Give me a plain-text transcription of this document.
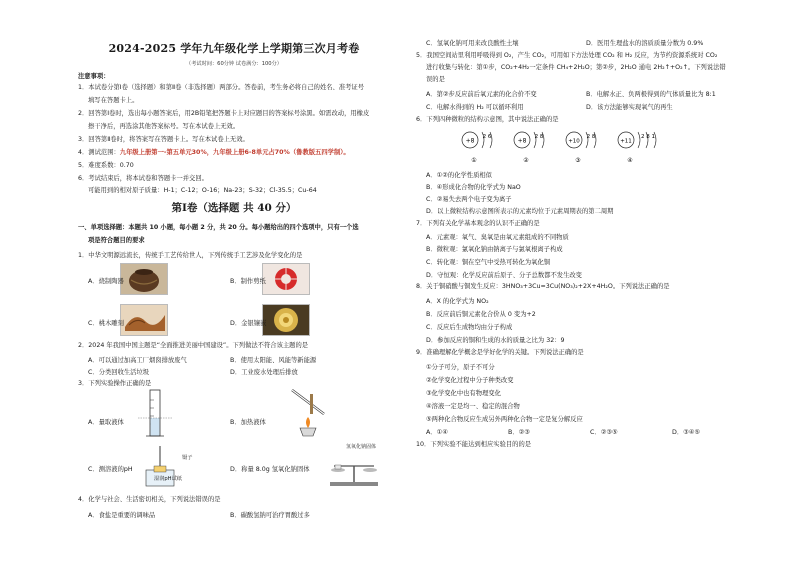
2024-2025 学年九年级化学上学期第三次月考卷
（考试时间：60分钟 试卷满分：100分）
注意事项：
1．本试卷分第Ⅰ卷（选择题）和第Ⅱ卷（非选择题）两部分。答卷前，考生务必将自己的姓名、准考证号
填写在答题卡上。
2．回答第Ⅰ卷时，选出每小题答案后，用2B铅笔把答题卡上对应题目的答案标号涂黑。如需改动，用橡皮
擦干净后，再选涂其他答案标号。写在本试卷上无效。
3．回答第Ⅱ卷时，将答案写在答题卡上。写在本试卷上无效。
4．测试范围：九年级上册第一-第五单元30%，九年级上册6-8单元占70%（鲁教版五四学制）。
5．难度系数：0.70
6．考试结束后，将本试卷和答题卡一并交回。
可能用到的相对原子质量：H-1；C-12；O-16；Na-23；S-32；Cl-35.5；Cu-64
第Ⅰ卷（选择题 共 40 分）
一、单项选择题：本题共 10 小题，每小题 2 分，共 20 分。每小题给出的四个选项中，只有一个选
项是符合题目的要求
1．中华文明源远流长，传统手工艺传给世人，下列传统手工艺涉及化学变化的是
A．烧制陶器	B．制作剪纸
C．桃木雕刻	D．金银镶嵌
2．2024 年我国中国主题是“全面推进美丽中国建设”。下列做法不符合该主题的是
A．可以通过加高工厂烟囱排放废气	B．使用太阳能、风能等新能源
C．分类回收生活垃圾	D．工业废水处理后排放
3．下列实验操作正确的是
A．量取液体	B．加热液体
C．测溶液的pH
镊子
湿润pH试纸
D．称量 8.0g 氢氧化钠固体
氢氧化钠固体
4．化学与社会、生活密切相关，下列说法错误的是
A．食盐是重要的调味品	B．碳酸氢钠可治疗胃酸过多
C．氢氧化钠可用来改良酸性土壤	D．医用生理盐水的溶质质量分数为 0.9%
5．我国空间站里利用呼吸得到 O₂，产生 CO₂，可用如下方法处理 CO₂ 和 H₂ 反应，为节约资源系统对 CO₂
进行收集与转化：第①步，CO₂+4H₂一定条件 CH₄+2H₂O；第②步，2H₂O 通电 2H₂↑+O₂↑。下列说法错
误的是
A．第②步反应前后氧元素的化合价不变	B．电解水正、负两极得到的气体质量比为 8:1
C．电解水得到的 H₂ 可以循环利用	D．该方法能够实现氧气的再生
6．下列四种微粒的结构示意图，其中说法正确的是
+8
2 6
①
+8
2 8
②
+10
2 8
③
+11
2 8 1
④
A．①②的化学性质相似
B．④形成化合物的化学式为 NaO
C．②易失去两个电子变为离子
D．以上微粒结构示意图所表示的元素均位于元素周期表的第二周期
7．下列有关化学基本观念的认识不正确的是
A．元素观：氧气、臭氧是由氧元素组成的不同物质
B．微粒观：氯氧化钠由钠离子与氯氧根离子构成
C．转化观：铜在空气中受热可转化为氧化铜
D．守恒观：化学反应前后原子、分子总数都不发生改变
8．关于铜硝酸与铜发生反应：3HNO₃+3Cu=3Cu(NO₃)₂+2X+4H₂O。下列说法正确的是
A．X 的化学式为 NO₂
B．反应前后铜元素化合价从 0 变为+2
C．反应后生成物均由分子构成
D．参加反应的铜和生成的水的质量之比为 32：9
9．准确理解化学概念是学好化学的关键。下列说法正确的是
①分子可分，原子不可分
②化学变化过程中分子种类改变
③化学变化中也有物理变化
④溶液一定是均一、稳定的混合物
⑤两种化合物反应生成另外两种化合物一定是复分解反应
A．①④	B．②③	C．②③⑤	D．③④⑤
10．下列实验不能达到相应实验目的的是
